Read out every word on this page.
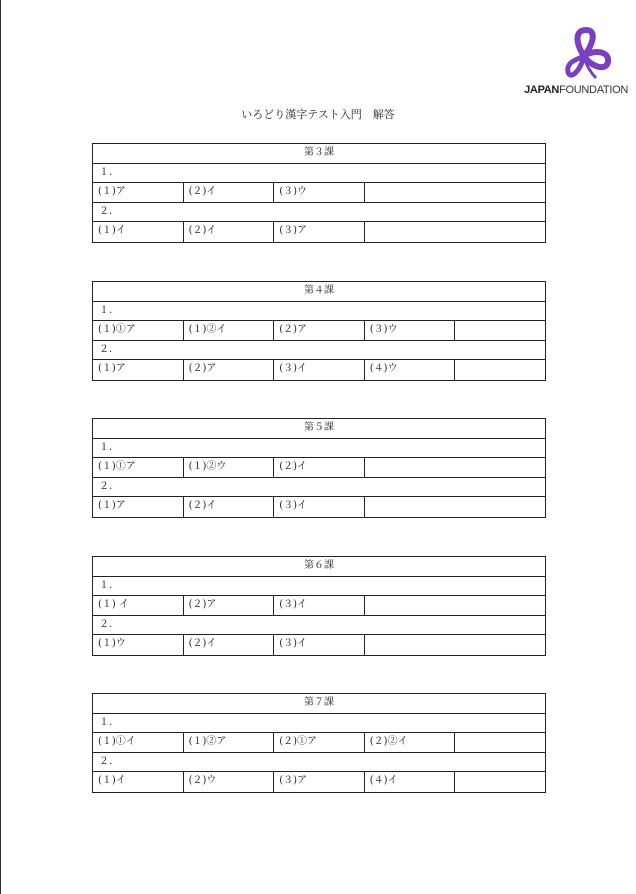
JAPANFOUNDATION
いろどり漢字テスト入門　解答
第３課
１.
(１)ア	(２)イ	(３)ウ
２.
(１)イ	(２)イ	(３)ア
第４課
１.
(１)①ア	(１)②イ	(２)ア	(３)ウ
２.
(１)ア	(２)ア	(３)イ	(４)ウ
第５課
１.
(１)①ア	(１)②ウ	(２)イ
２.
(１)ア	(２)イ	(３)イ
第６課
１.
(１) イ	(２)ア	(３)イ
２.
(１)ウ	(２)イ	(３)イ
第７課
１.
(１)①イ	(１)②ア	(２)①ア	(２)②イ
２.
(１)イ	(２)ウ	(３)ア	(４)イ
